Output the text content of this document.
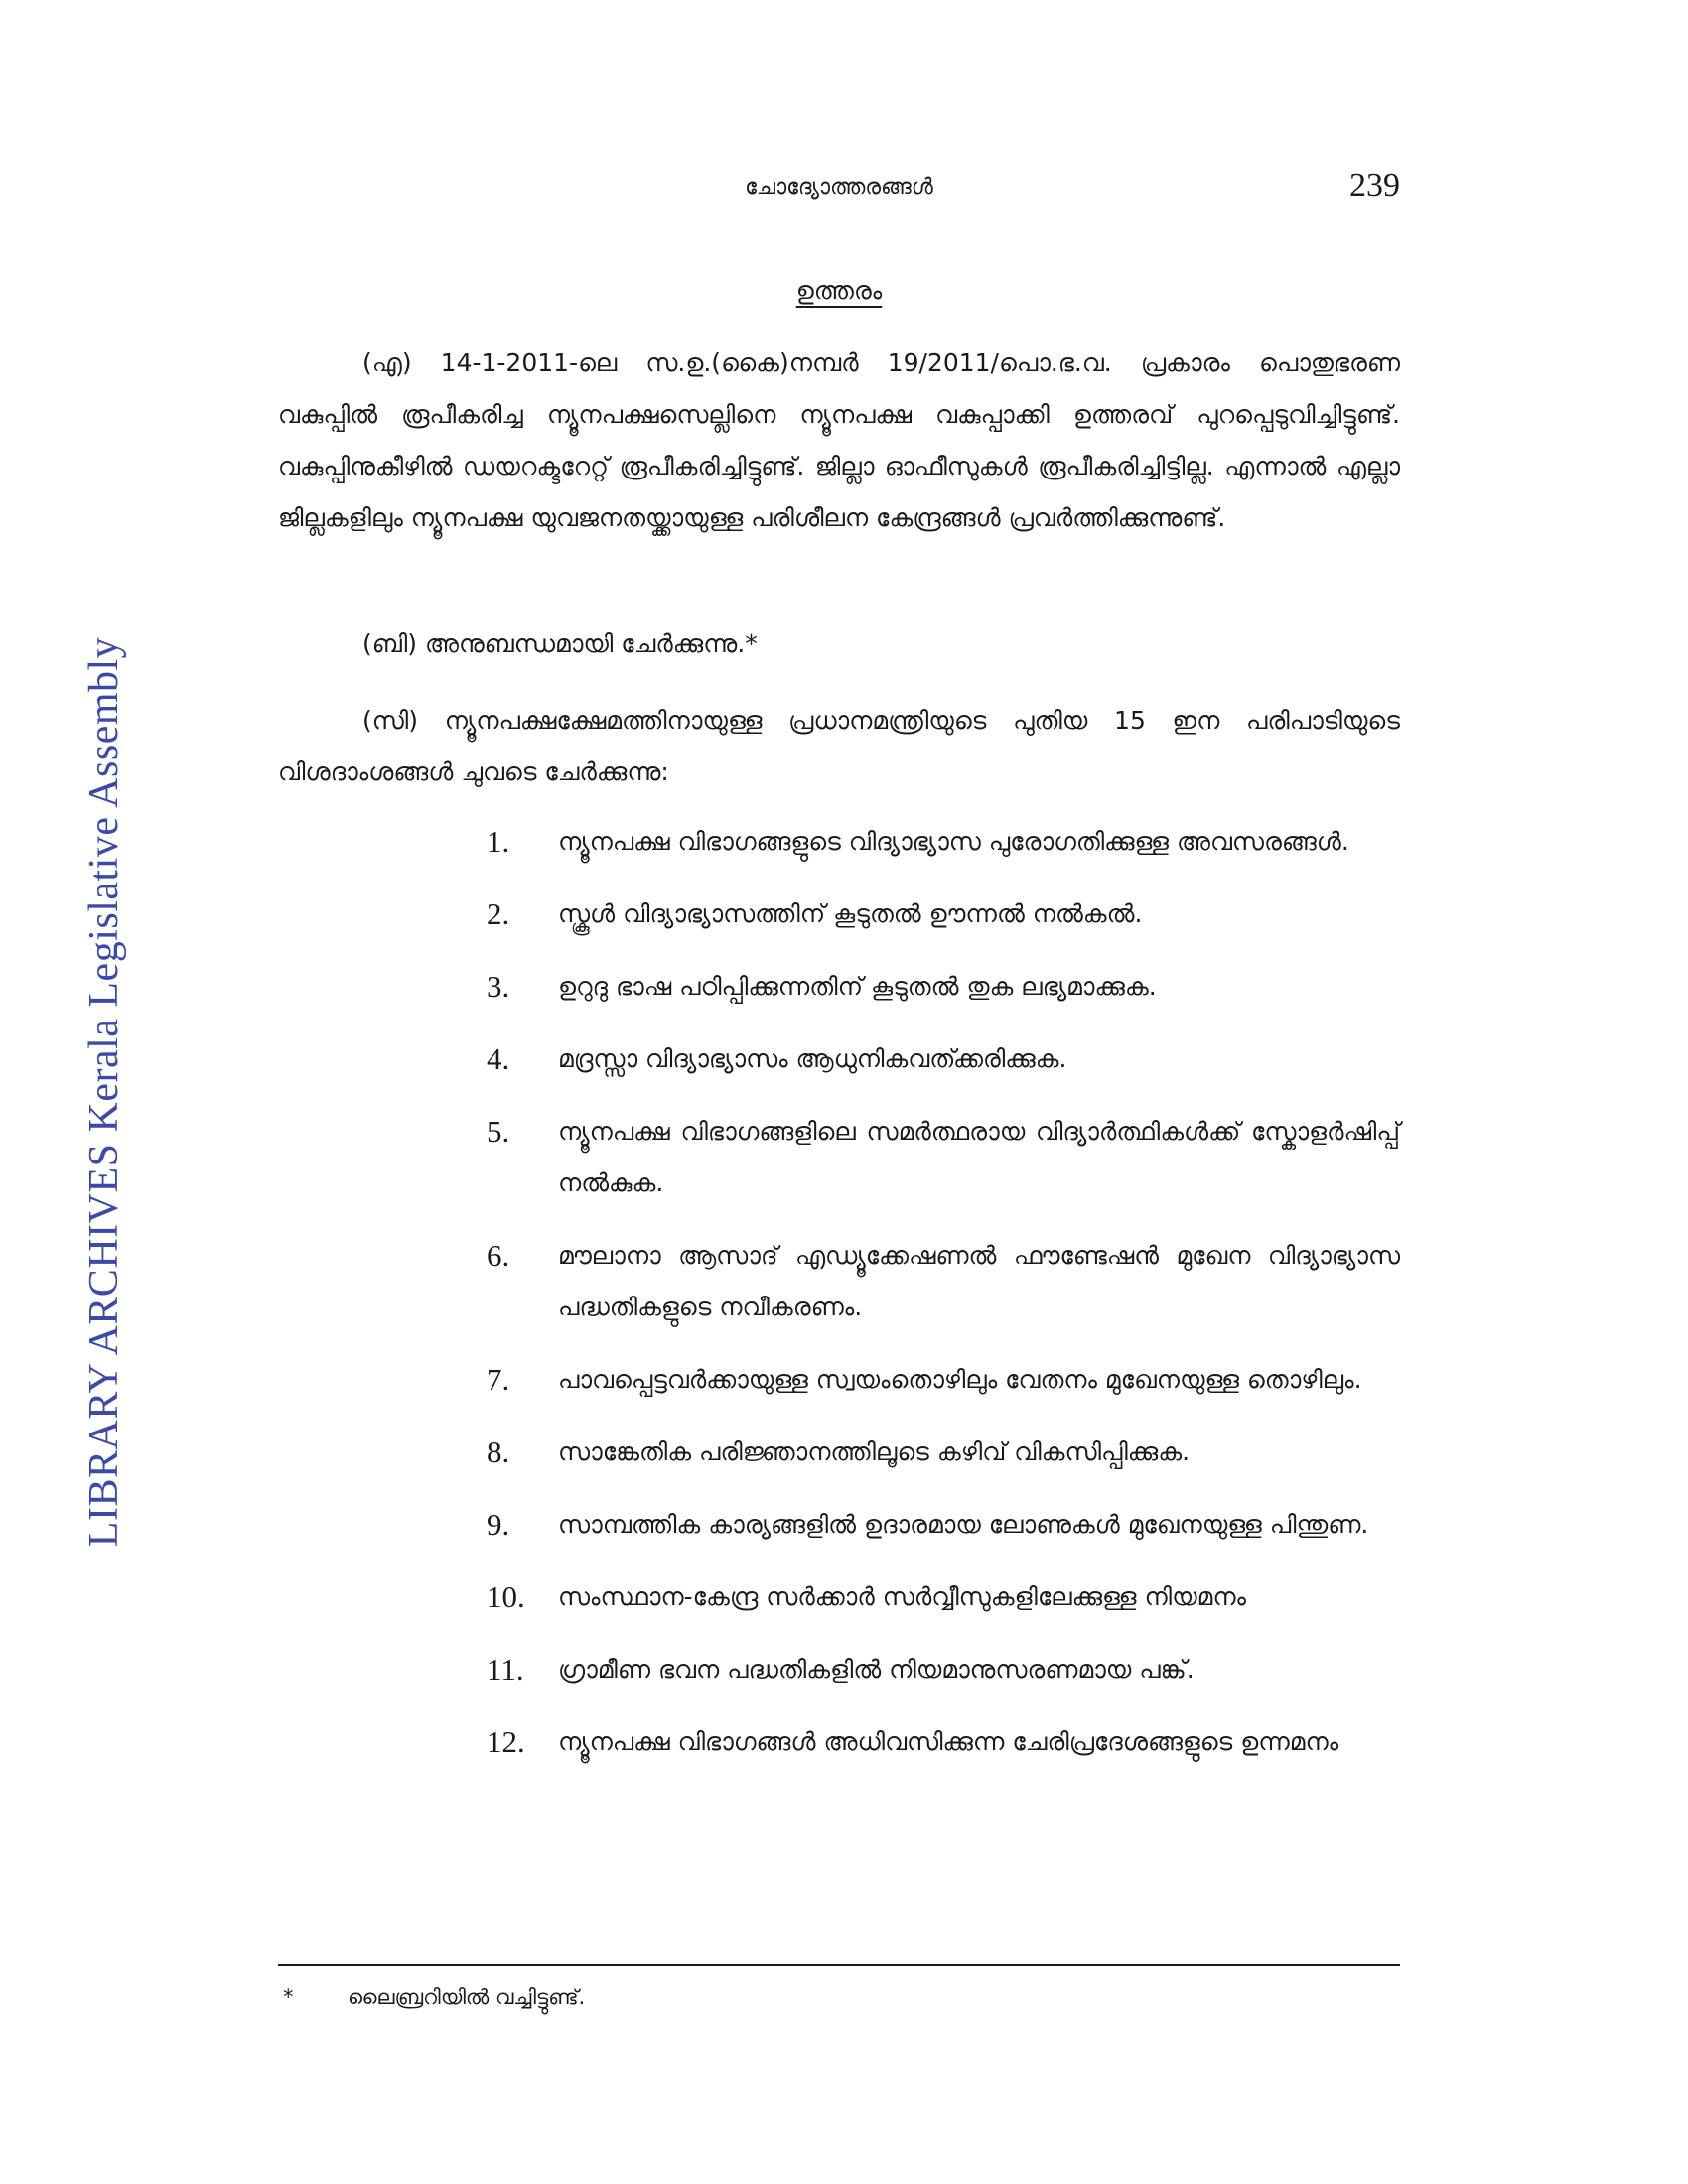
LIBRARY ARCHIVES Kerala Legislative Assembly
ചോദ്യോത്തരങ്ങൾ	239
ഉത്തരം
(എ) 14-1-2011-ലെ സ.ഉ.(കൈ)നമ്പർ 19/2011/പൊ.ഭ.വ. പ്രകാരം പൊതുഭരണ വകുപ്പിൽ രൂപീകരിച്ച ന്യൂനപക്ഷസെല്ലിനെ ന്യൂനപക്ഷ വകുപ്പാക്കി ഉത്തരവ് പുറപ്പെടുവിച്ചിട്ടുണ്ട്. വകുപ്പിനുകീഴിൽ ഡയറക്ടറേറ്റ് രൂപീകരിച്ചിട്ടുണ്ട്. ജില്ലാ ഓഫീസുകൾ രൂപീകരിച്ചിട്ടില്ല. എന്നാൽ എല്ലാ ജില്ലകളിലും ന്യൂനപക്ഷ യുവജനതയ്ക്കായുള്ള പരിശീലന കേന്ദ്രങ്ങൾ പ്രവർത്തിക്കുന്നുണ്ട്.
(ബി) അനുബന്ധമായി ചേർക്കുന്നു.*
(സി) ന്യൂനപക്ഷക്ഷേമത്തിനായുള്ള പ്രധാനമന്ത്രിയുടെ പുതിയ 15 ഇന പരിപാടിയുടെ വിശദാംശങ്ങൾ ചുവടെ ചേർക്കുന്നു:
1.	ന്യൂനപക്ഷ വിഭാഗങ്ങളുടെ വിദ്യാഭ്യാസ പുരോഗതിക്കുള്ള അവസരങ്ങൾ.
2.	സ്കൂൾ വിദ്യാഭ്യാസത്തിന് കൂടുതൽ ഊന്നൽ നൽകൽ.
3.	ഉറുദു ഭാഷ പഠിപ്പിക്കുന്നതിന് കൂടുതൽ തുക ലഭ്യമാക്കുക.
4.	മദ്രസ്സാ വിദ്യാഭ്യാസം ആധുനികവത്ക്കരിക്കുക.
5.	ന്യൂനപക്ഷ വിഭാഗങ്ങളിലെ സമർത്ഥരായ വിദ്യാർത്ഥികൾക്ക് സ്കോളർഷിപ്പ് നൽകുക.
6.	മൗലാനാ ആസാദ് എഡ്യൂക്കേഷണൽ ഫൗണ്ടേഷൻ മുഖേന വിദ്യാഭ്യാസ പദ്ധതികളുടെ നവീകരണം.
7.	പാവപ്പെട്ടവർക്കായുള്ള സ്വയംതൊഴിലും വേതനം മുഖേനയുള്ള തൊഴിലും.
8.	സാങ്കേതിക പരിജ്ഞാനത്തിലൂടെ കഴിവ് വികസിപ്പിക്കുക.
9.	സാമ്പത്തിക കാര്യങ്ങളിൽ ഉദാരമായ ലോണുകൾ മുഖേനയുള്ള പിന്തുണ.
10.	സംസ്ഥാന-കേന്ദ്ര സർക്കാർ സർവ്വീസുകളിലേക്കുള്ള നിയമനം
11.	ഗ്രാമീണ ഭവന പദ്ധതികളിൽ നിയമാനുസരണമായ പങ്ക്.
12.	ന്യൂനപക്ഷ വിഭാഗങ്ങൾ അധിവസിക്കുന്ന ചേരിപ്രദേശങ്ങളുടെ ഉന്നമനം
*	ലൈബ്രറിയിൽ വച്ചിട്ടുണ്ട്.
